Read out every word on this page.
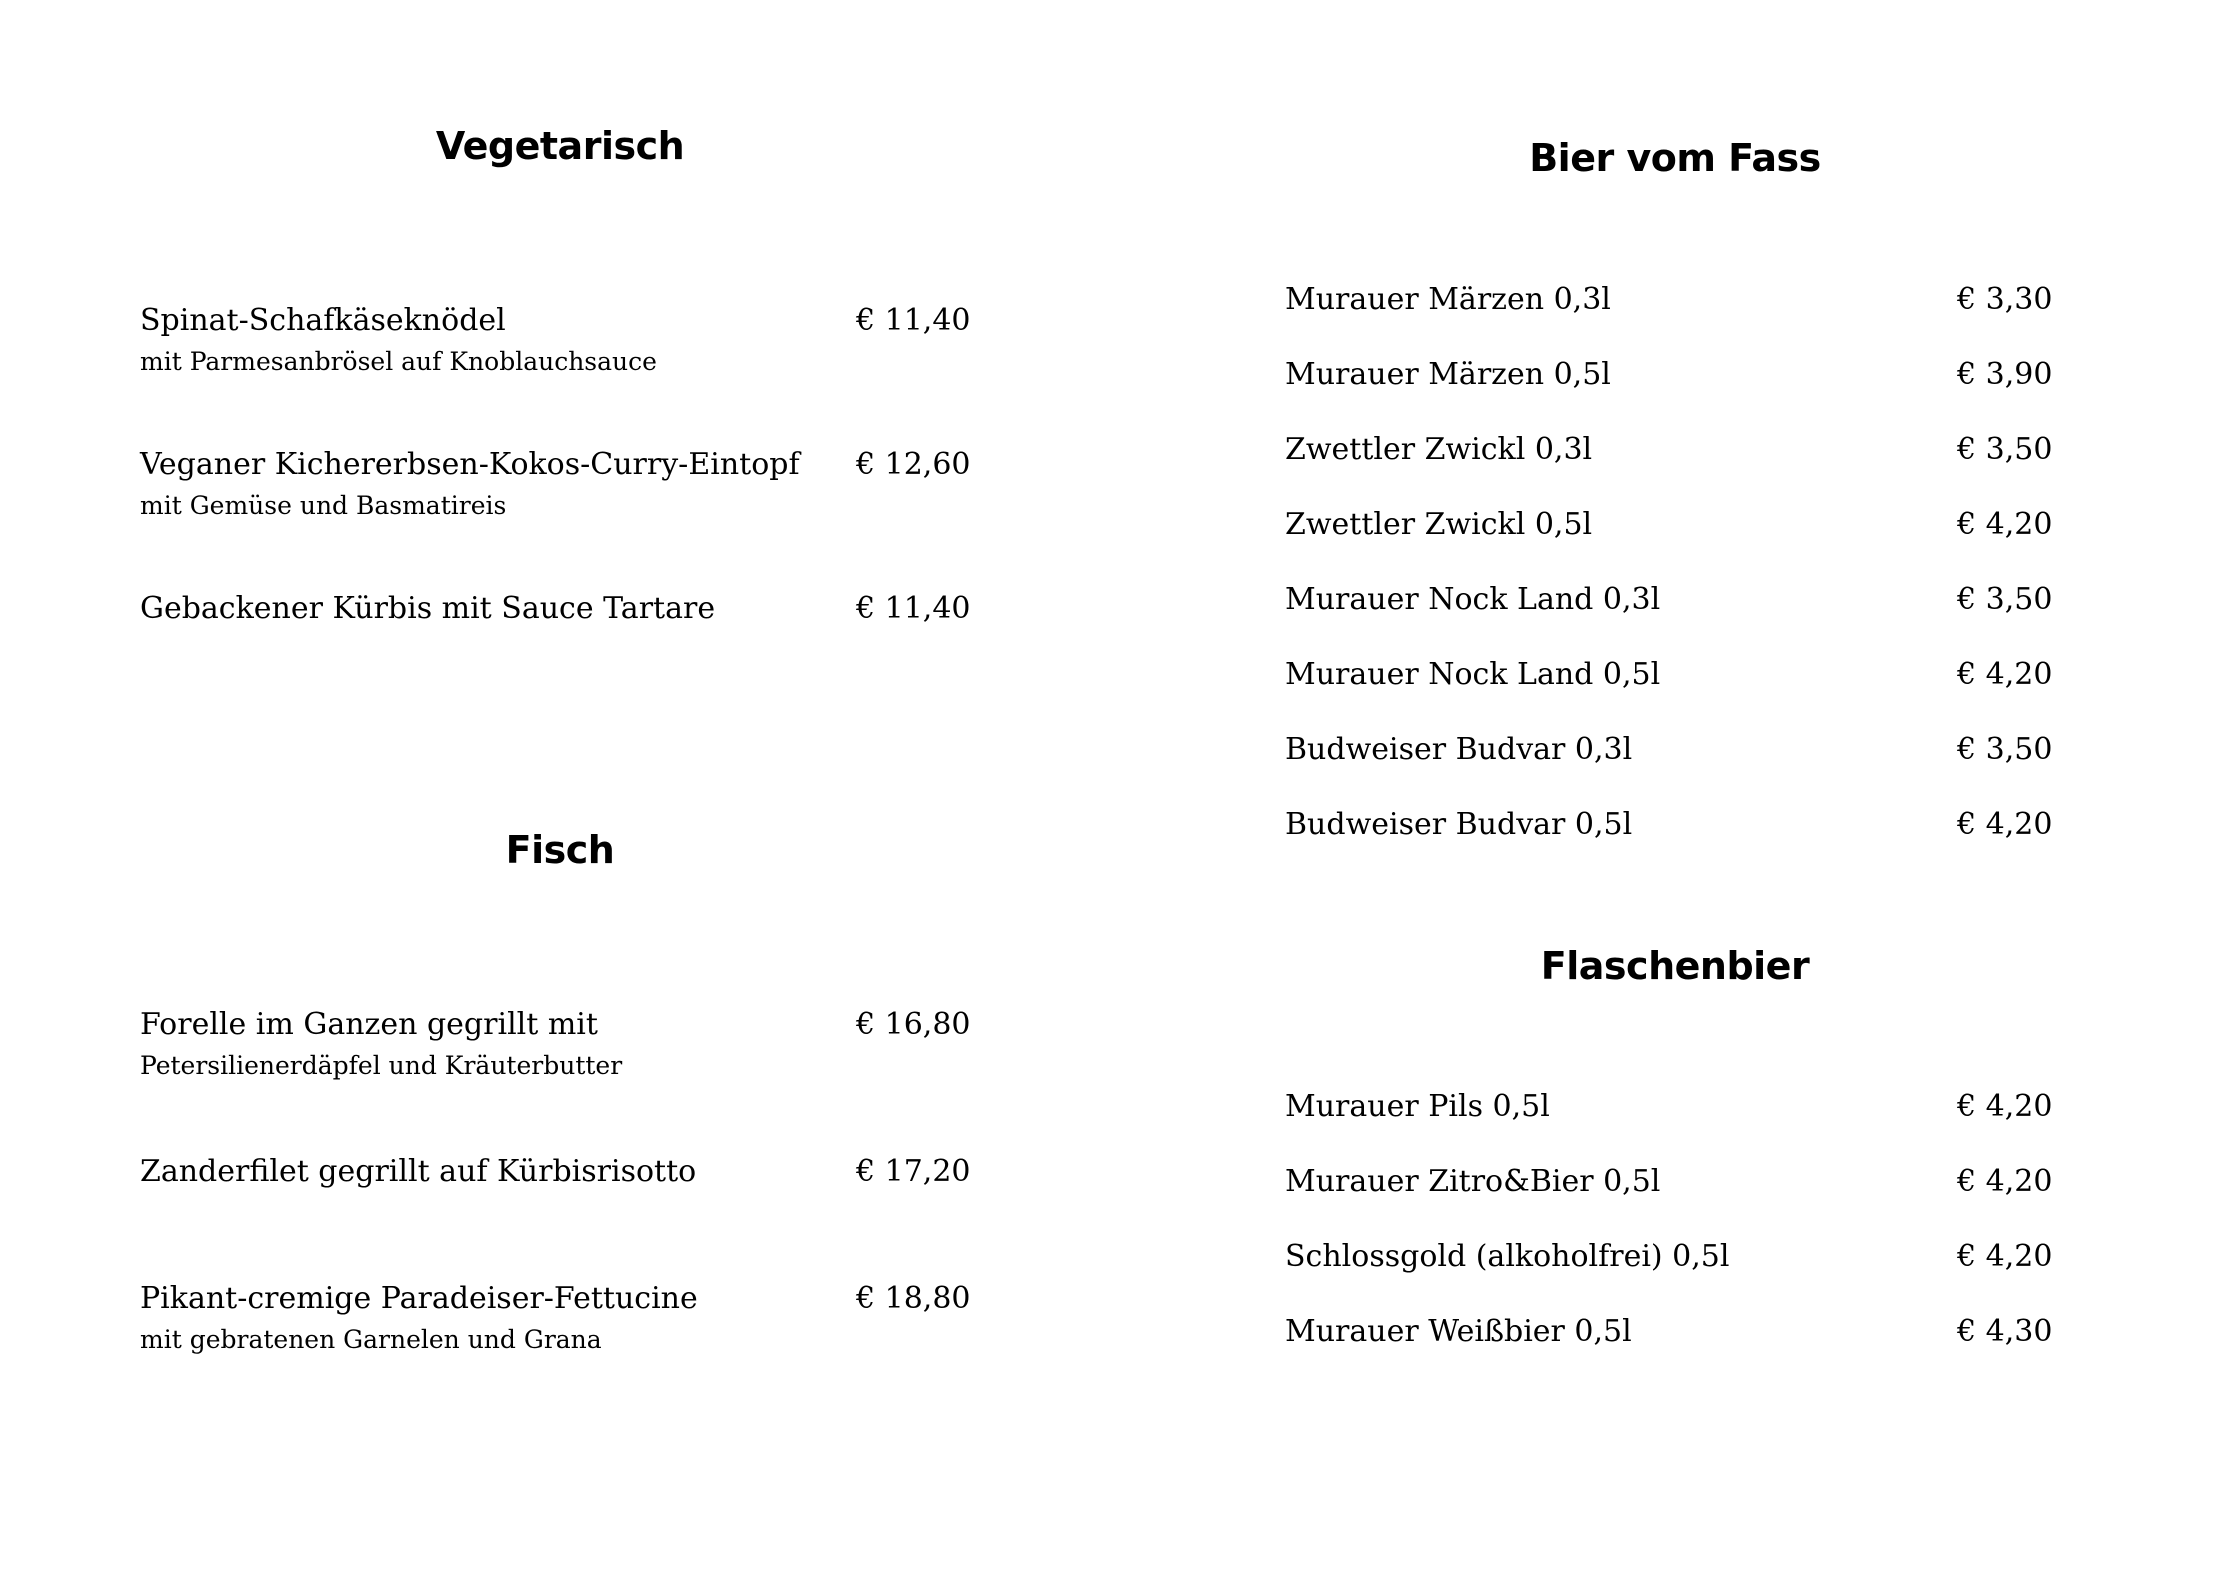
Vegetarisch
Spinat-Schafkäseknödel
mit Parmesanbrösel auf Knoblauchsauce
€ 11,40
Veganer Kichererbsen-Kokos-Curry-Eintopf
mit Gemüse und Basmatireis
€ 12,60
Gebackener Kürbis mit Sauce Tartare	€ 11,40
Fisch
Forelle im Ganzen gegrillt mit
Petersilienerdäpfel und Kräuterbutter
€ 16,80
Zanderfilet gegrillt auf Kürbisrisotto	€ 17,20
Pikant-cremige Paradeiser-Fettucine
mit gebratenen Garnelen und Grana
€ 18,80
Bier vom Fass
Murauer Märzen 0,3l	€ 3,30
Murauer Märzen 0,5l	€ 3,90
Zwettler Zwickl 0,3l	€ 3,50
Zwettler Zwickl 0,5l	€ 4,20
Murauer Nock Land 0,3l	€ 3,50
Murauer Nock Land 0,5l	€ 4,20
Budweiser Budvar 0,3l	€ 3,50
Budweiser Budvar 0,5l	€ 4,20
Flaschenbier
Murauer Pils 0,5l	€ 4,20
Murauer Zitro&Bier 0,5l	€ 4,20
Schlossgold (alkoholfrei) 0,5l	€ 4,20
Murauer Weißbier 0,5l	€ 4,30
